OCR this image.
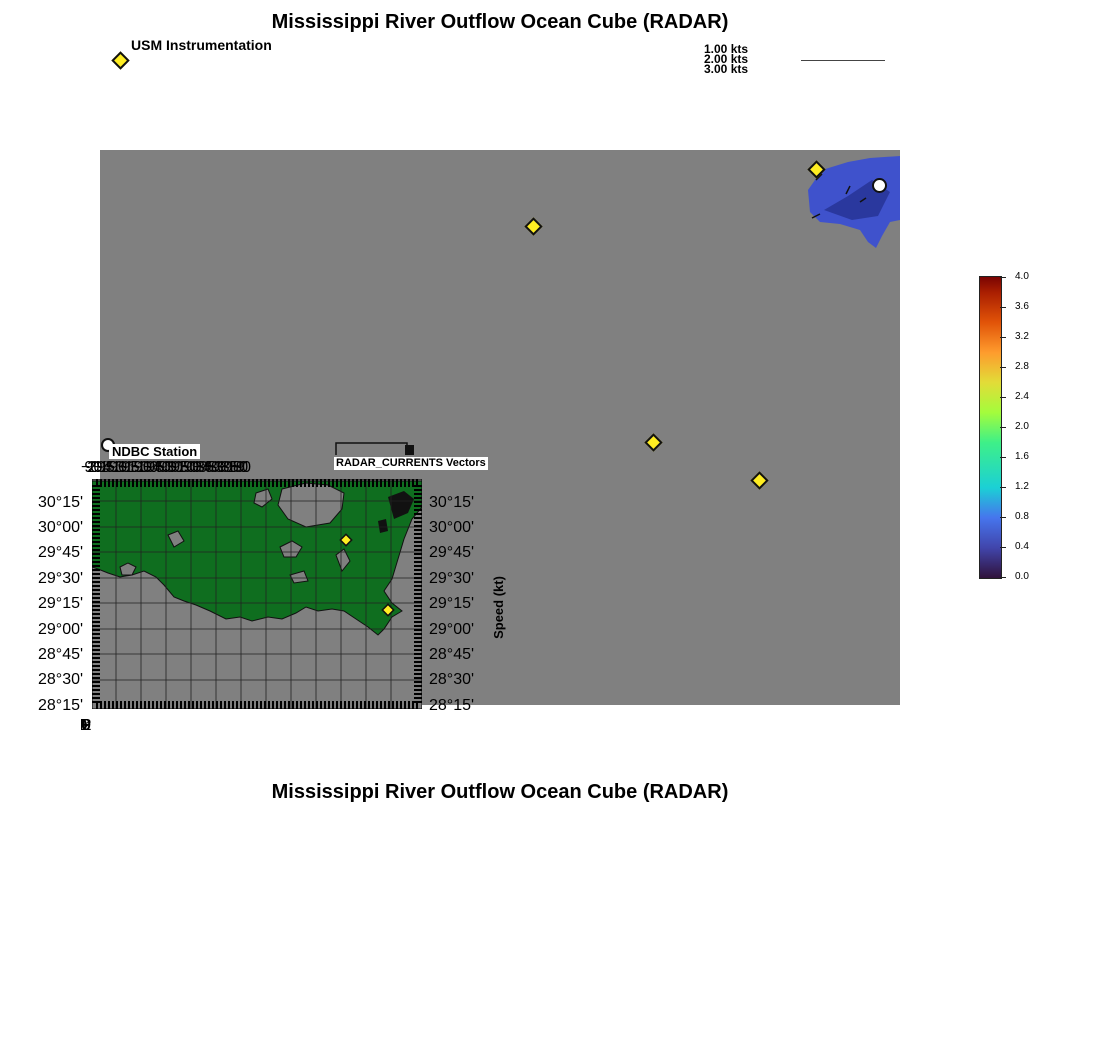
Mississippi River Outflow Ocean Cube (RADAR)
USM Instrumentation	1.00 kts
2.00 kts
3.00 kts
NDBC Station
RADAR_CURRENTS Vectors
−92°00'−91°45'−91°30'−91°15'−91°00'−90°45'−90°30'−90°15'−90°00'−89°45'−89°30'−89°15'−89°00'
30°15'
30°00'
29°45'
29°30'
29°15'
29°00'
28°45'
28°30'
28°15'
30°15'
30°00'
29°45'
29°30'
29°15'
29°00'
28°45'
28°30'
28°15'
Speed (kt)
4.0
3.6
3.2
2.8
2.4
2.0
1.6
1.2
0.8
0.4
0.0
Mississippi River Outflow Ocean Cube (RADAR)
